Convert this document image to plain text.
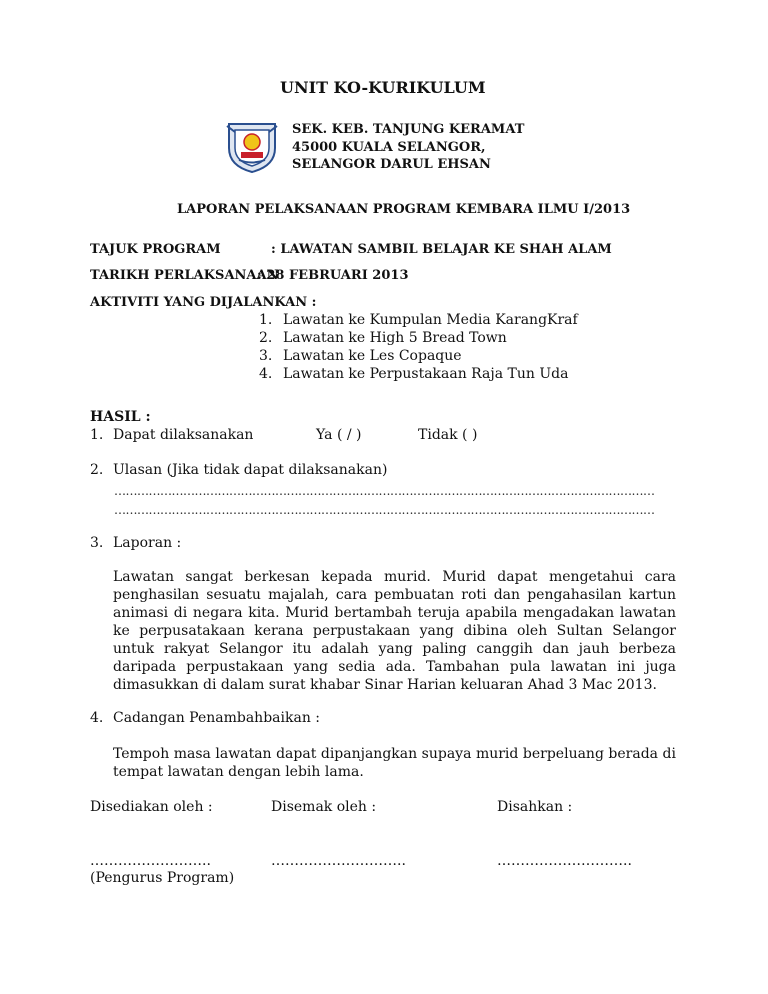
UNIT KO-KURIKULUM
SEK. KEB. TANJUNG KERAMAT
45000 KUALA SELANGOR,
SELANGOR DARUL EHSAN
LAPORAN PELAKSANAAN PROGRAM KEMBARA ILMU I/2013
TAJUK PROGRAM	: LAWATAN SAMBIL BELAJAR KE SHAH ALAM
TARIKH PERLAKSANAAN
: 28 FEBRUARI 2013
AKTIVITI YANG DIJALANKAN :
1. Lawatan ke Kumpulan Media KarangKraf
2. Lawatan ke High 5 Bread Town
3. Lawatan ke Les Copaque
4. Lawatan ke Perpustakaan Raja Tun Uda
HASIL :
1. Dapat dilaksanakan	Ya ( / )	Tidak ( )
2. Ulasan (Jika tidak dapat dilaksanakan)
……………………………………………………………………………………………………………………………
……………………………………………………………………………………………………………………………
3. Laporan :
Lawatan sangat berkesan kepada murid. Murid dapat mengetahui cara penghasilan sesuatu majalah, cara pembuatan roti dan pengahasilan kartun animasi di negara kita. Murid bertambah teruja apabila mengadakan lawatan ke perpusatakaan kerana perpustakaan yang dibina oleh Sultan Selangor untuk rakyat Selangor itu adalah yang paling canggih dan jauh berbeza daripada perpustakaan yang sedia ada. Tambahan pula lawatan ini juga dimasukkan di dalam surat khabar Sinar Harian keluaran Ahad 3 Mac 2013.
4. Cadangan Penambahbaikan :
Tempoh masa lawatan dapat dipanjangkan supaya murid berpeluang berada di tempat lawatan dengan lebih lama.
Disediakan oleh :	Disemak oleh :	Disahkan :
……………………..	………………………..	………………………..
(Pengurus Program)
